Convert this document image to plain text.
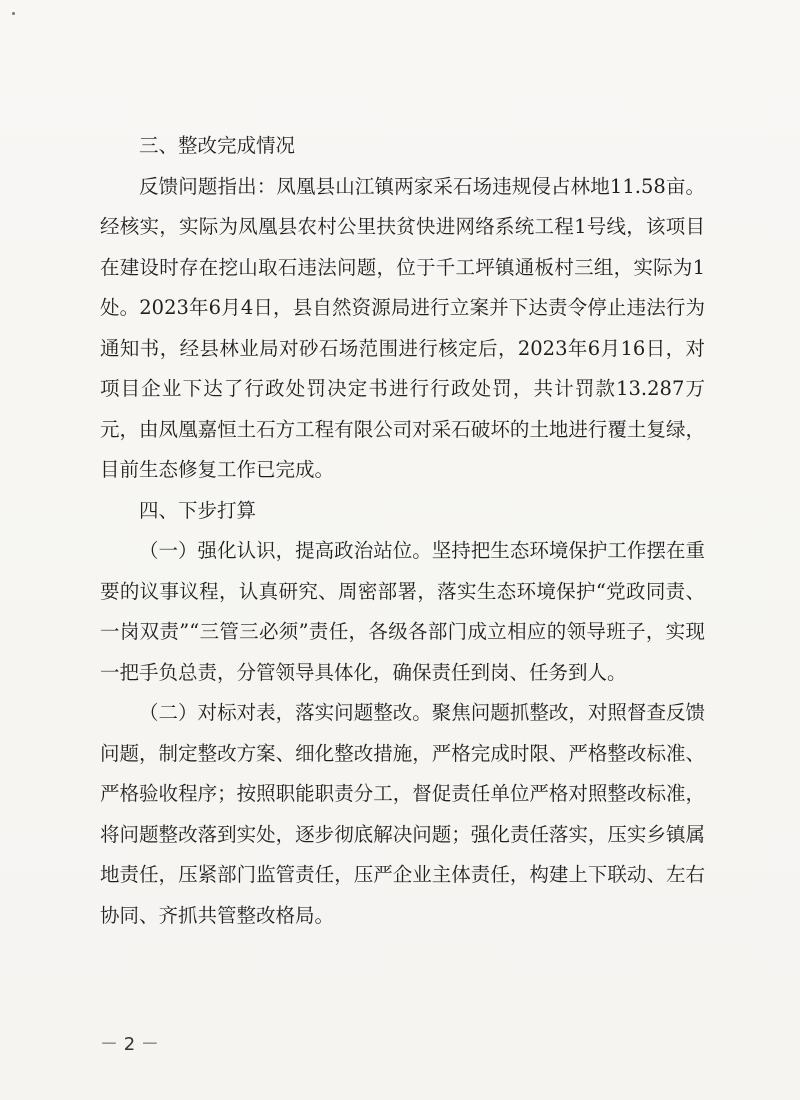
三、整改完成情况

反馈问题指出：凤凰县山江镇两家采石场违规侵占林地11.58亩。经核实，实际为凤凰县农村公里扶贫快进网络系统工程1号线，该项目在建设时存在挖山取石违法问题，位于千工坪镇通板村三组，实际为1处。2023年6月4日，县自然资源局进行立案并下达责令停止违法行为通知书，经县林业局对砂石场范围进行核定后，2023年6月16日，对项目企业下达了行政处罚决定书进行行政处罚，共计罚款13.287万元，由凤凰嘉恒土石方工程有限公司对采石破坏的土地进行覆土复绿，目前生态修复工作已完成。

四、下步打算

（一）强化认识，提高政治站位。坚持把生态环境保护工作摆在重要的议事议程，认真研究、周密部署，落实生态环境保护“党政同责、一岗双责”“三管三必须”责任，各级各部门成立相应的领导班子，实现一把手负总责，分管领导具体化，确保责任到岗、任务到人。

（二）对标对表，落实问题整改。聚焦问题抓整改，对照督查反馈问题，制定整改方案、细化整改措施，严格完成时限、严格整改标准、严格验收程序；按照职能职责分工，督促责任单位严格对照整改标准，将问题整改落到实处，逐步彻底解决问题；强化责任落实，压实乡镇属地责任，压紧部门监管责任，压严企业主体责任，构建上下联动、左右协同、齐抓共管整改格局。

－ 2 －
